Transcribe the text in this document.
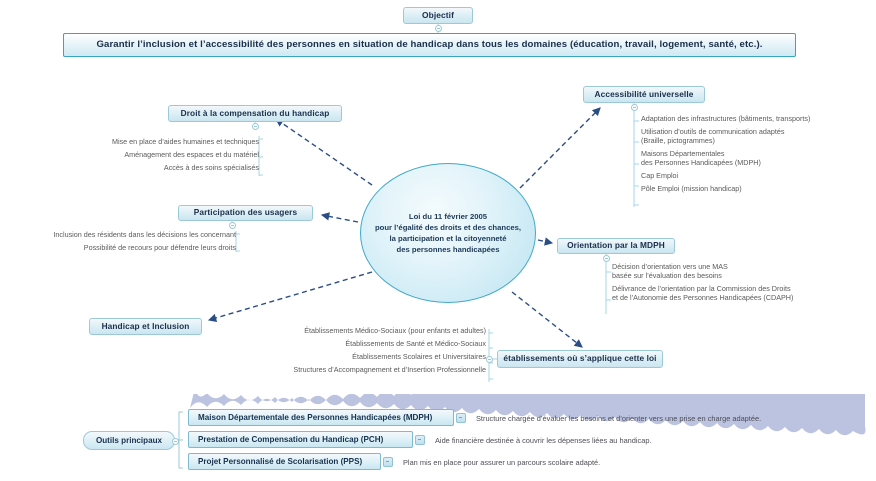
Objectif
Garantir l’inclusion et l’accessibilité des personnes en situation de handicap dans tous les domaines (éducation, travail, logement, santé, etc.).
Loi du 11 février 2005
pour l’égalité des droits et des chances,
la participation et la citoyenneté
des personnes handicapées
Droit à la compensation du handicap
Mise en place d’aides humaines et techniques
Aménagement des espaces et du matériel
Accès à des soins spécialisés
Participation des usagers
Inclusion des résidents dans les décisions les concernant
Possibilité de recours pour défendre leurs droits
Accessibilité universelle
Adaptation des infrastructures (bâtiments, transports)
Utilisation d’outils de communication adaptés
(Braille, pictogrammes)
Maisons Départementales
des Personnes Handicapées (MDPH)
Cap Emploi
Pôle Emploi (mission handicap)
Orientation par la MDPH
Décision d’orientation vers une MAS
basée sur l’évaluation des besoins
Délivrance de l’orientation par la Commission des Droits
et de l’Autonomie des Personnes Handicapées (CDAPH)
Handicap et Inclusion
établissements où s’applique cette loi
Établissements Médico-Sociaux (pour enfants et adultes)
Établissements de Santé et Médico-Sociaux
Établissements Scolaires et Universitaires
Structures d’Accompagnement et d’Insertion Professionnelle
Outils principaux
Maison Départementale des Personnes Handicapées (MDPH)	Structure chargée d’évaluer les besoins et d’orienter vers une prise en charge adaptée.
Prestation de Compensation du Handicap (PCH)	Aide financière destinée à couvrir les dépenses liées au handicap.
Projet Personnalisé de Scolarisation (PPS)	Plan mis en place pour assurer un parcours scolaire adapté.
